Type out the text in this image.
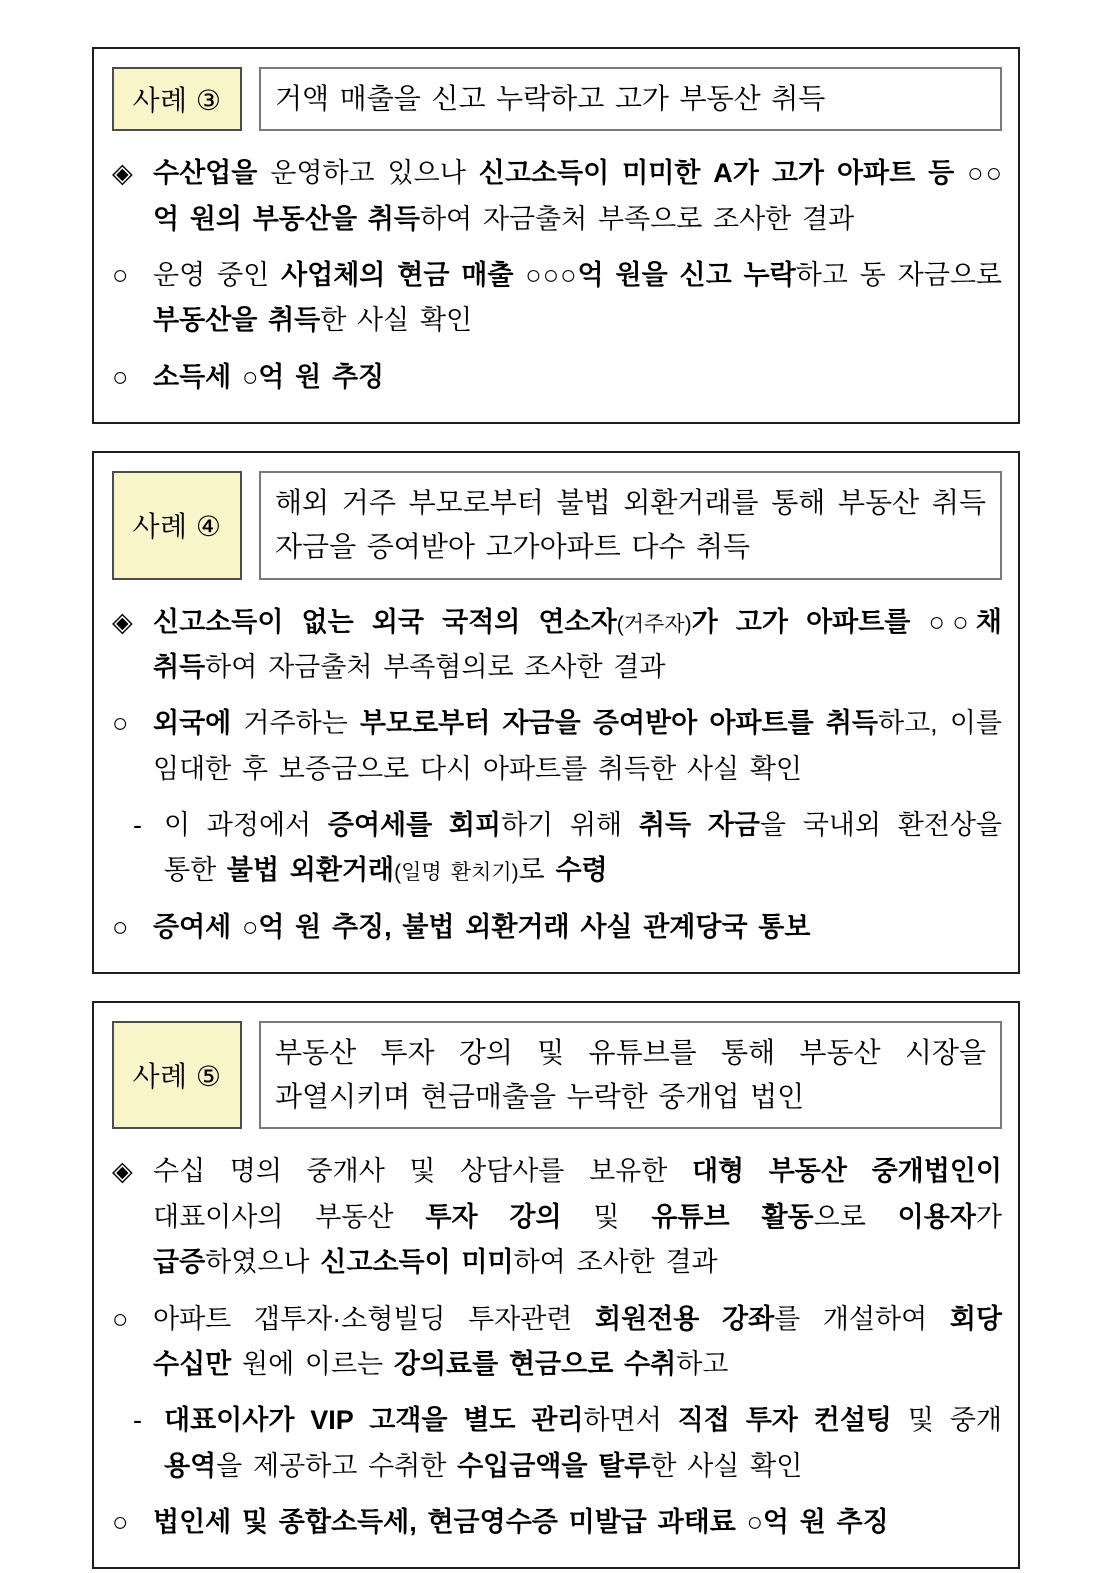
사례 ③ 거액 매출을 신고 누락하고 고가 부동산 취득
◈ 수산업을 운영하고 있으나 신고소득이 미미한 A가 고가 아파트 등 ○○억 원의 부동산을 취득하여 자금출처 부족으로 조사한 결과
○ 운영 중인 사업체의 현금 매출 ○○○억 원을 신고 누락하고 동 자금으로 부동산을 취득한 사실 확인
○ 소득세 ○억 원 추징
사례 ④
해외 거주 부모로부터 불법 외환거래를 통해 부동산 취득 자금을 증여받아 고가아파트 다수 취득
◈ 신고소득이 없는 외국 국적의 연소자(거주자)가 고가 아파트를 ○○채 취득하여 자금출처 부족혐의로 조사한 결과
○ 외국에 거주하는 부모로부터 자금을 증여받아 아파트를 취득하고, 이를 임대한 후 보증금으로 다시 아파트를 취득한 사실 확인
- 이 과정에서 증여세를 회피하기 위해 취득 자금을 국내외 환전상을 통한 불법 외환거래(일명 환치기)로 수령
○ 증여세 ○억 원 추징, 불법 외환거래 사실 관계당국 통보
사례 ⑤
부동산 투자 강의 및 유튜브를 통해 부동산 시장을 과열시키며 현금매출을 누락한 중개업 법인
◈ 수십 명의 중개사 및 상담사를 보유한 대형 부동산 중개법인이 대표이사의 부동산 투자 강의 및 유튜브 활동으로 이용자가 급증하였으나 신고소득이 미미하여 조사한 결과
○ 아파트 갭투자·소형빌딩 투자관련 회원전용 강좌를 개설하여 회당 수십만 원에 이르는 강의료를 현금으로 수취하고
- 대표이사가 VIP 고객을 별도 관리하면서 직접 투자 컨설팅 및 중개 용역을 제공하고 수취한 수입금액을 탈루한 사실 확인
○ 법인세 및 종합소득세, 현금영수증 미발급 과태료 ○억 원 추징
